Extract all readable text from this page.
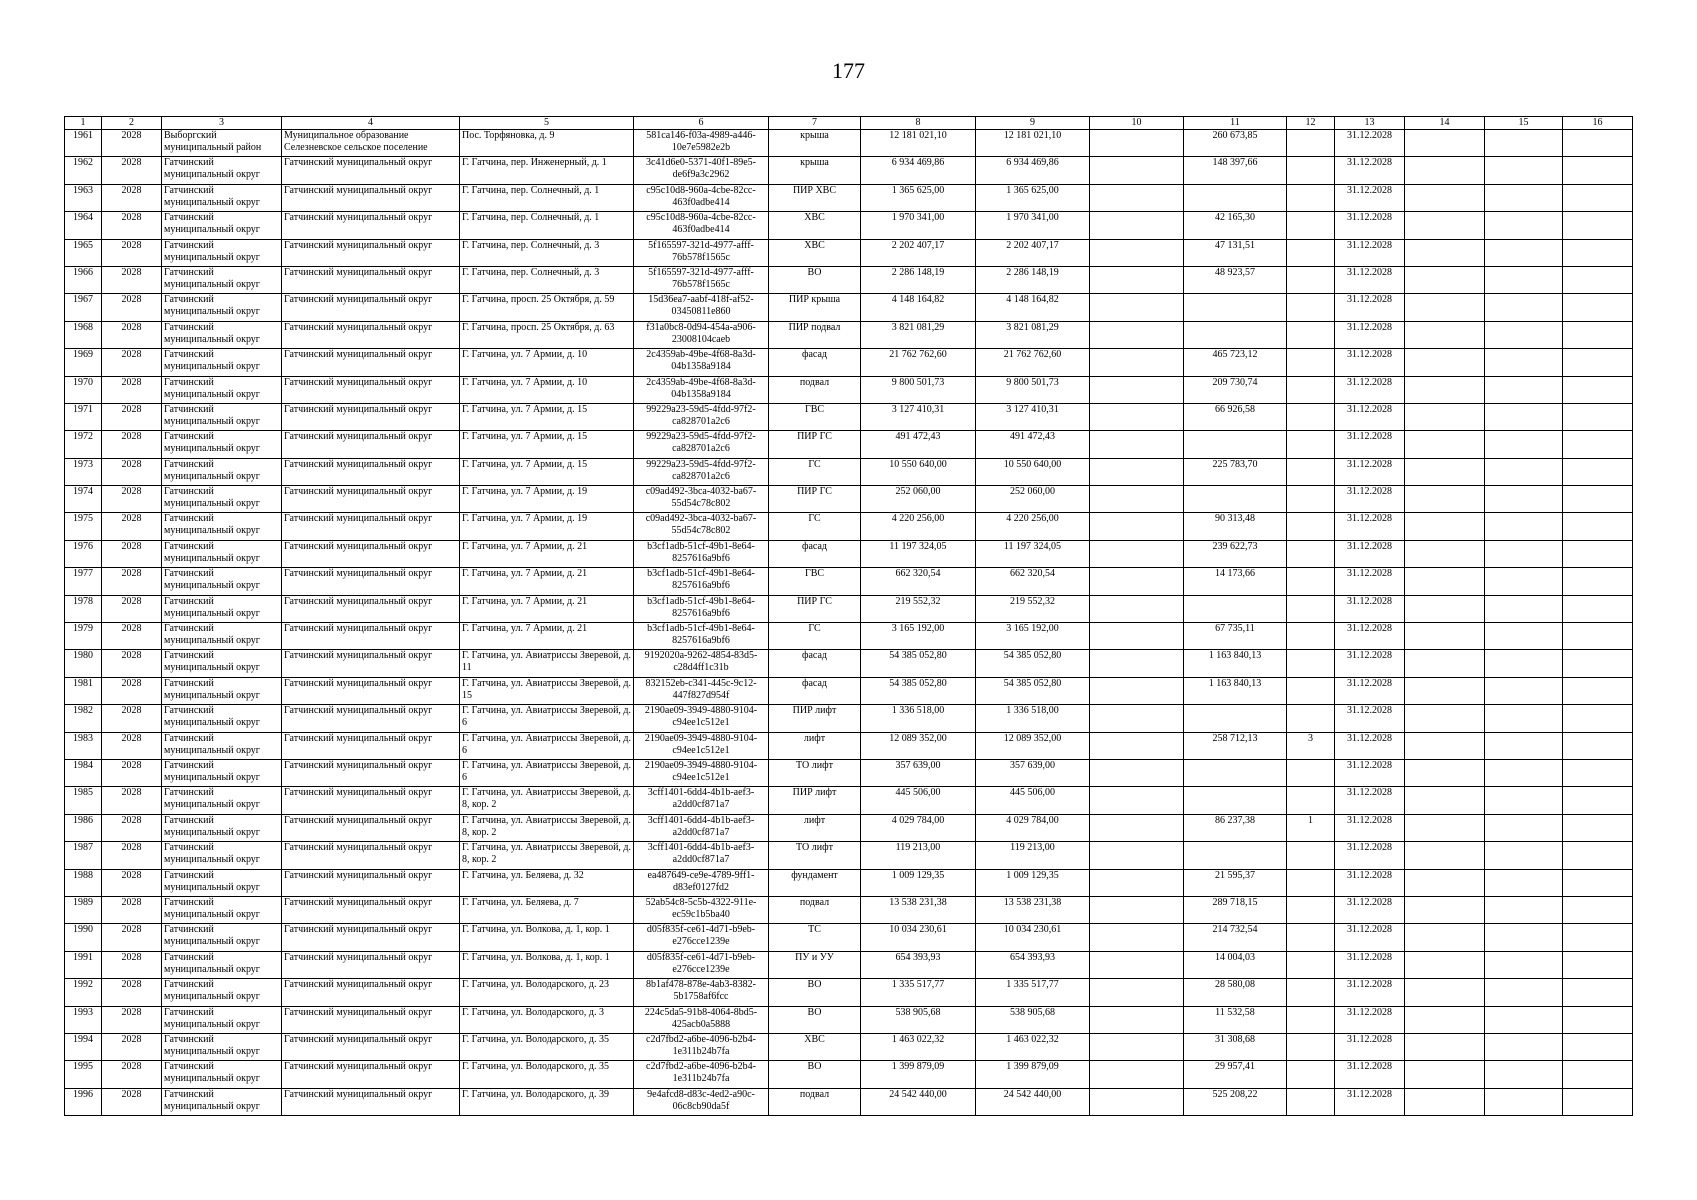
177
1	2	3	4	5	6	7	8	9	10	11	12	13	14	15	16
1961	2028	Выборгский муниципальный район	Муниципальное образование Селезневское сельское поселение	Пос. Торфяновка, д. 9	581ca146-f03a-4989-a446-10e7e5982e2b	крыша	12 181 021,10	12 181 021,10		260 673,85		31.12.2028			
1962	2028	Гатчинский муниципальный округ	Гатчинский муниципальный округ	Г. Гатчина, пер. Инженерный, д. 1	3c41d6e0-5371-40f1-89e5-de6f9a3c2962	крыша	6 934 469,86	6 934 469,86		148 397,66		31.12.2028			
1963	2028	Гатчинский муниципальный округ	Гатчинский муниципальный округ	Г. Гатчина, пер. Солнечный, д. 1	c95c10d8-960a-4cbe-82cc-463f0adbe414	ПИР ХВС	1 365 625,00	1 365 625,00				31.12.2028			
1964	2028	Гатчинский муниципальный округ	Гатчинский муниципальный округ	Г. Гатчина, пер. Солнечный, д. 1	c95c10d8-960a-4cbe-82cc-463f0adbe414	ХВС	1 970 341,00	1 970 341,00		42 165,30		31.12.2028			
1965	2028	Гатчинский муниципальный округ	Гатчинский муниципальный округ	Г. Гатчина, пер. Солнечный, д. 3	5f165597-321d-4977-afff-76b578f1565c	ХВС	2 202 407,17	2 202 407,17		47 131,51		31.12.2028			
1966	2028	Гатчинский муниципальный округ	Гатчинский муниципальный округ	Г. Гатчина, пер. Солнечный, д. 3	5f165597-321d-4977-afff-76b578f1565c	ВО	2 286 148,19	2 286 148,19		48 923,57		31.12.2028			
1967	2028	Гатчинский муниципальный округ	Гатчинский муниципальный округ	Г. Гатчина, просп. 25 Октября, д. 59	15d36ea7-aabf-418f-af52-03450811e860	ПИР крыша	4 148 164,82	4 148 164,82				31.12.2028			
1968	2028	Гатчинский муниципальный округ	Гатчинский муниципальный округ	Г. Гатчина, просп. 25 Октября, д. 63	f31a0bc8-0d94-454a-a906-23008104caeb	ПИР подвал	3 821 081,29	3 821 081,29				31.12.2028			
1969	2028	Гатчинский муниципальный округ	Гатчинский муниципальный округ	Г. Гатчина, ул. 7 Армии, д. 10	2c4359ab-49be-4f68-8a3d-04b1358a9184	фасад	21 762 762,60	21 762 762,60		465 723,12		31.12.2028			
1970	2028	Гатчинский муниципальный округ	Гатчинский муниципальный округ	Г. Гатчина, ул. 7 Армии, д. 10	2c4359ab-49be-4f68-8a3d-04b1358a9184	подвал	9 800 501,73	9 800 501,73		209 730,74		31.12.2028			
1971	2028	Гатчинский муниципальный округ	Гатчинский муниципальный округ	Г. Гатчина, ул. 7 Армии, д. 15	99229a23-59d5-4fdd-97f2-ca828701a2c6	ГВС	3 127 410,31	3 127 410,31		66 926,58		31.12.2028			
1972	2028	Гатчинский муниципальный округ	Гатчинский муниципальный округ	Г. Гатчина, ул. 7 Армии, д. 15	99229a23-59d5-4fdd-97f2-ca828701a2c6	ПИР ГС	491 472,43	491 472,43				31.12.2028			
1973	2028	Гатчинский муниципальный округ	Гатчинский муниципальный округ	Г. Гатчина, ул. 7 Армии, д. 15	99229a23-59d5-4fdd-97f2-ca828701a2c6	ГС	10 550 640,00	10 550 640,00		225 783,70		31.12.2028			
1974	2028	Гатчинский муниципальный округ	Гатчинский муниципальный округ	Г. Гатчина, ул. 7 Армии, д. 19	c09ad492-3bca-4032-ba67-55d54c78c802	ПИР ГС	252 060,00	252 060,00				31.12.2028			
1975	2028	Гатчинский муниципальный округ	Гатчинский муниципальный округ	Г. Гатчина, ул. 7 Армии, д. 19	c09ad492-3bca-4032-ba67-55d54c78c802	ГС	4 220 256,00	4 220 256,00		90 313,48		31.12.2028			
1976	2028	Гатчинский муниципальный округ	Гатчинский муниципальный округ	Г. Гатчина, ул. 7 Армии, д. 21	b3cf1adb-51cf-49b1-8e64-8257616a9bf6	фасад	11 197 324,05	11 197 324,05		239 622,73		31.12.2028			
1977	2028	Гатчинский муниципальный округ	Гатчинский муниципальный округ	Г. Гатчина, ул. 7 Армии, д. 21	b3cf1adb-51cf-49b1-8e64-8257616a9bf6	ГВС	662 320,54	662 320,54		14 173,66		31.12.2028			
1978	2028	Гатчинский муниципальный округ	Гатчинский муниципальный округ	Г. Гатчина, ул. 7 Армии, д. 21	b3cf1adb-51cf-49b1-8e64-8257616a9bf6	ПИР ГС	219 552,32	219 552,32				31.12.2028			
1979	2028	Гатчинский муниципальный округ	Гатчинский муниципальный округ	Г. Гатчина, ул. 7 Армии, д. 21	b3cf1adb-51cf-49b1-8e64-8257616a9bf6	ГС	3 165 192,00	3 165 192,00		67 735,11		31.12.2028			
1980	2028	Гатчинский муниципальный округ	Гатчинский муниципальный округ	Г. Гатчина, ул. Авиатриссы Зверевой, д. 11	9192020a-9262-4854-83d5-c28d4ff1c31b	фасад	54 385 052,80	54 385 052,80		1 163 840,13		31.12.2028			
1981	2028	Гатчинский муниципальный округ	Гатчинский муниципальный округ	Г. Гатчина, ул. Авиатриссы Зверевой, д. 15	832152eb-c341-445c-9c12-447f827d954f	фасад	54 385 052,80	54 385 052,80		1 163 840,13		31.12.2028			
1982	2028	Гатчинский муниципальный округ	Гатчинский муниципальный округ	Г. Гатчина, ул. Авиатриссы Зверевой, д. 6	2190ae09-3949-4880-9104-c94ee1c512e1	ПИР лифт	1 336 518,00	1 336 518,00				31.12.2028			
1983	2028	Гатчинский муниципальный округ	Гатчинский муниципальный округ	Г. Гатчина, ул. Авиатриссы Зверевой, д. 6	2190ae09-3949-4880-9104-c94ee1c512e1	лифт	12 089 352,00	12 089 352,00		258 712,13	3	31.12.2028			
1984	2028	Гатчинский муниципальный округ	Гатчинский муниципальный округ	Г. Гатчина, ул. Авиатриссы Зверевой, д. 6	2190ae09-3949-4880-9104-c94ee1c512e1	ТО лифт	357 639,00	357 639,00				31.12.2028			
1985	2028	Гатчинский муниципальный округ	Гатчинский муниципальный округ	Г. Гатчина, ул. Авиатриссы Зверевой, д. 8, кор. 2	3cff1401-6dd4-4b1b-aef3-a2dd0cf871a7	ПИР лифт	445 506,00	445 506,00				31.12.2028			
1986	2028	Гатчинский муниципальный округ	Гатчинский муниципальный округ	Г. Гатчина, ул. Авиатриссы Зверевой, д. 8, кор. 2	3cff1401-6dd4-4b1b-aef3-a2dd0cf871a7	лифт	4 029 784,00	4 029 784,00		86 237,38	1	31.12.2028			
1987	2028	Гатчинский муниципальный округ	Гатчинский муниципальный округ	Г. Гатчина, ул. Авиатриссы Зверевой, д. 8, кор. 2	3cff1401-6dd4-4b1b-aef3-a2dd0cf871a7	ТО лифт	119 213,00	119 213,00				31.12.2028			
1988	2028	Гатчинский муниципальный округ	Гатчинский муниципальный округ	Г. Гатчина, ул. Беляева, д. 32	ea487649-ce9e-4789-9ff1-d83ef0127fd2	фундамент	1 009 129,35	1 009 129,35		21 595,37		31.12.2028			
1989	2028	Гатчинский муниципальный округ	Гатчинский муниципальный округ	Г. Гатчина, ул. Беляева, д. 7	52ab54c8-5c5b-4322-911e-ec59c1b5ba40	подвал	13 538 231,38	13 538 231,38		289 718,15		31.12.2028			
1990	2028	Гатчинский муниципальный округ	Гатчинский муниципальный округ	Г. Гатчина, ул. Волкова, д. 1, кор. 1	d05f835f-ce61-4d71-b9eb-e276cce1239e	ТС	10 034 230,61	10 034 230,61		214 732,54		31.12.2028			
1991	2028	Гатчинский муниципальный округ	Гатчинский муниципальный округ	Г. Гатчина, ул. Волкова, д. 1, кор. 1	d05f835f-ce61-4d71-b9eb-e276cce1239e	ПУ и УУ	654 393,93	654 393,93		14 004,03		31.12.2028			
1992	2028	Гатчинский муниципальный округ	Гатчинский муниципальный округ	Г. Гатчина, ул. Володарского, д. 23	8b1af478-878e-4ab3-8382-5b1758af6fcc	ВО	1 335 517,77	1 335 517,77		28 580,08		31.12.2028			
1993	2028	Гатчинский муниципальный округ	Гатчинский муниципальный округ	Г. Гатчина, ул. Володарского, д. 3	224c5da5-91b8-4064-8bd5-425acb0a5888	ВО	538 905,68	538 905,68		11 532,58		31.12.2028			
1994	2028	Гатчинский муниципальный округ	Гатчинский муниципальный округ	Г. Гатчина, ул. Володарского, д. 35	c2d7fbd2-a6be-4096-b2b4-1e311b24b7fa	ХВС	1 463 022,32	1 463 022,32		31 308,68		31.12.2028			
1995	2028	Гатчинский муниципальный округ	Гатчинский муниципальный округ	Г. Гатчина, ул. Володарского, д. 35	c2d7fbd2-a6be-4096-b2b4-1e311b24b7fa	ВО	1 399 879,09	1 399 879,09		29 957,41		31.12.2028			
1996	2028	Гатчинский муниципальный округ	Гатчинский муниципальный округ	Г. Гатчина, ул. Володарского, д. 39	9e4afcd8-d83c-4ed2-a90c-06c8cb90da5f	подвал	24 542 440,00	24 542 440,00		525 208,22		31.12.2028			
